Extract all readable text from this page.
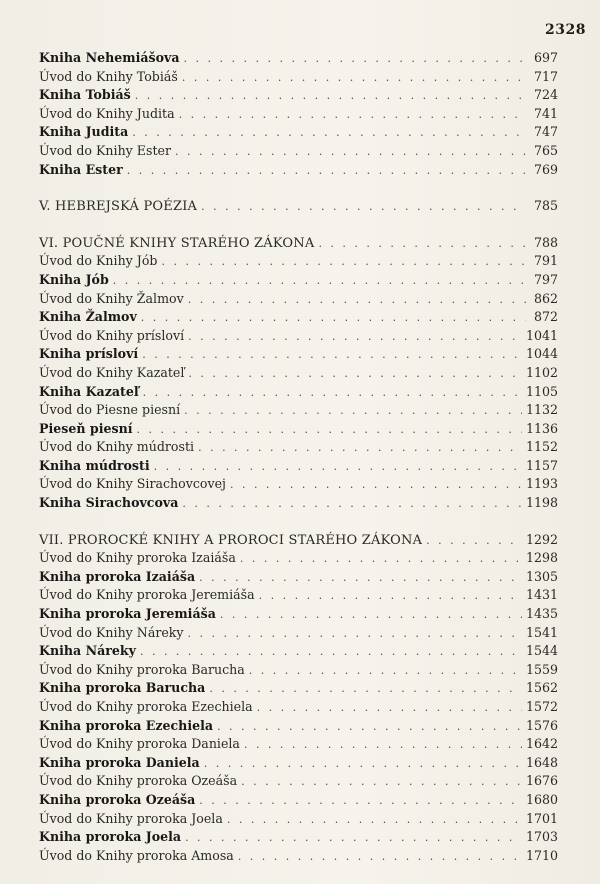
2328
Kniha Nehemiášova . . .	697
Úvod do Knihy Tobiáš . . .	717
Kniha Tobiáš . . .	724
Úvod do Knihy Judita . . .	741
Kniha Judita . . .	747
Úvod do Knihy Ester . . .	765
Kniha Ester . . .	769
V. HEBREJSKÁ POÉZIA . . .	785
VI. POUČNÉ KNIHY STARÉHO ZÁKONA . . .	788
Úvod do Knihy Jób . . .	791
Kniha Jób . . .	797
Úvod do Knihy Žalmov . . .	862
Kniha Žalmov . . .	872
Úvod do Knihy prísloví . . .	1041
Kniha prísloví . . .	1044
Úvod do Knihy Kazateľ . . .	1102
Kniha Kazateľ . . .	1105
Úvod do Piesne piesní . . .	1132
Pieseň piesní . . .	1136
Úvod do Knihy múdrosti . . .	1152
Kniha múdrosti . . .	1157
Úvod do Knihy Sirachovcovej . . .	1193
Kniha Sirachovcova . . .	1198
VII. PROROCKÉ KNIHY A PROROCI STARÉHO ZÁKONA . . .	1292
Úvod do Knihy proroka Izaiáša . . .	1298
Kniha proroka Izaiáša . . .	1305
Úvod do Knihy proroka Jeremiáša . . .	1431
Kniha proroka Jeremiáša . . .	1435
Úvod do Knihy Náreky . . .	1541
Kniha Náreky . . .	1544
Úvod do Knihy proroka Barucha . . .	1559
Kniha proroka Barucha . . .	1562
Úvod do Knihy proroka Ezechiela . . .	1572
Kniha proroka Ezechiela . . .	1576
Úvod do Knihy proroka Daniela . . .	1642
Kniha proroka Daniela . . .	1648
Úvod do Knihy proroka Ozeáša . . .	1676
Kniha proroka Ozeáša . . .	1680
Úvod do Knihy proroka Joela . . .	1701
Kniha proroka Joela . . .	1703
Úvod do Knihy proroka Amosa . . .	1710
